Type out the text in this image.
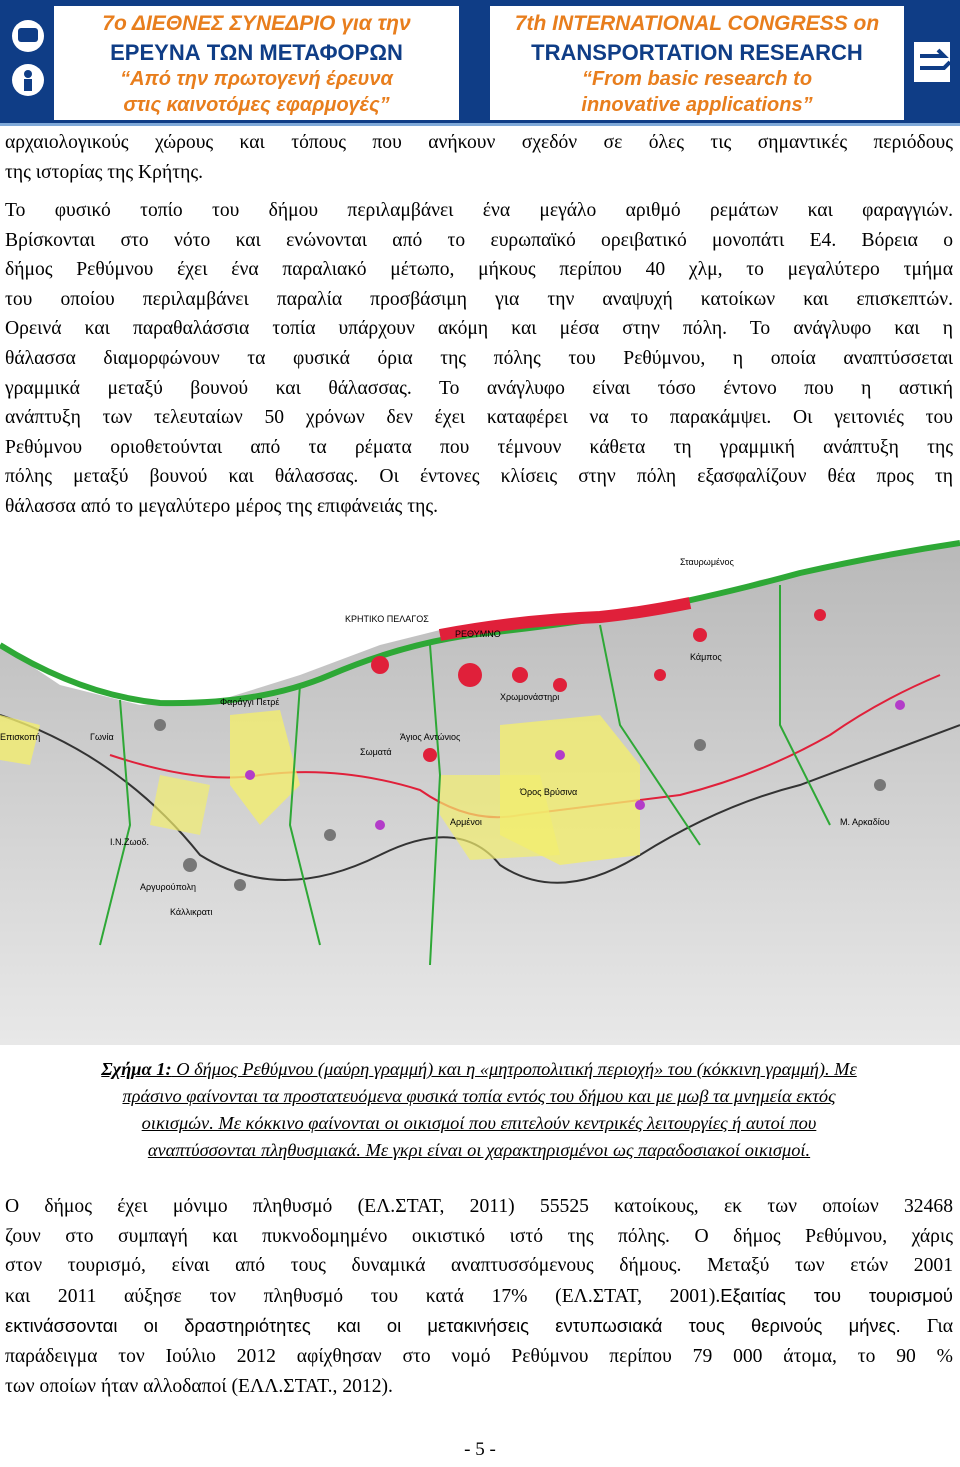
7ο ΔΙΕΘΝΕΣ ΣΥΝΕΔΡΙΟ για την
ΕΡΕΥΝΑ ΤΩΝ ΜΕΤΑΦΟΡΩΝ
“Από την πρωτογενή έρευνα
στις καινοτόμες εφαρμογές”
7th INTERNATIONAL CONGRESS on
TRANSPORTATION RESEARCH
“From basic research to
innovative applications”
αρχαιολογικούς χώρους και τόπους που ανήκουν σχεδόν σε όλες τις σημαντικές περιόδους
της ιστορίας της Κρήτης.
Το φυσικό τοπίο του δήμου περιλαμβάνει ένα μεγάλο αριθμό ρεμάτων και φαραγγιών.
Βρίσκονται στο νότο και ενώνονται από το ευρωπαϊκό ορειβατικό μονοπάτι Ε4. Βόρεια ο
δήμος Ρεθύμνου έχει ένα παραλιακό μέτωπο, μήκους περίπου 40 χλμ, το μεγαλύτερο τμήμα
του οποίου περιλαμβάνει παραλία προσβάσιμη για την αναψυχή κατοίκων και επισκεπτών.
Ορεινά και παραθαλάσσια τοπία υπάρχουν ακόμη και μέσα στην πόλη. Το ανάγλυφο και η
θάλασσα διαμορφώνουν τα φυσικά όρια της πόλης του Ρεθύμνου, η οποία αναπτύσσεται
γραμμικά μεταξύ βουνού και θάλασσας. Το ανάγλυφο είναι τόσο έντονο που η αστική
ανάπτυξη των τελευταίων 50 χρόνων δεν έχει καταφέρει να το παρακάμψει. Οι γειτονιές του
Ρεθύμνου οριοθετούνται από τα ρέματα που τέμνουν κάθετα τη γραμμική ανάπτυξη της
πόλης μεταξύ βουνού και θάλασσας. Οι έντονες κλίσεις στην πόλη εξασφαλίζουν θέα προς τη
θάλασσα από το μεγαλύτερο μέρος της επιφάνειάς της.
ΚΡΗΤΙΚΟ ΠΕΛΑΓΟΣ
ΡΕΘΥΜΝΟ
Επισκοπή	Γωνία
Φαράγγι Πετρέ	Χρωμονάστηρι
Άγιος Αντώνιος
Αρμένοι
Όρος Βρύσινα
Μ. Αρκαδίου
Σταυρωμένος
Κάμπος
Σωματά
Αργυρούπολη
Κάλλικρατι
Ι.Ν.Ζωοδ.

Σχήμα 1: Ο δήμος Ρεθύμνου (μαύρη γραμμή) και η «μητροπολιτική περιοχή» του (κόκκινη γραμμή). Με
πράσινο φαίνονται τα προστατευόμενα φυσικά τοπία εντός του δήμου και με μωβ τα μνημεία εκτός
οικισμών. Με κόκκινο φαίνονται οι οικισμοί που επιτελούν κεντρικές λειτουργίες ή αυτοί που
αναπτύσσονται πληθυσμιακά. Με γκρι είναι οι χαρακτηρισμένοι ως παραδοσιακοί οικισμοί.

Ο δήμος έχει μόνιμο πληθυσμό (ΕΛ.ΣΤΑΤ, 2011) 55525 κατοίκους, εκ των οποίων 32468
ζουν στο συμπαγή και πυκνοδομημένο οικιστικό ιστό της πόλης. Ο δήμος Ρεθύμνου, χάρις
στον τουρισμό, είναι από τους δυναμικά αναπτυσσόμενους δήμους. Μεταξύ των ετών 2001
και 2011 αύξησε τον πληθυσμό του κατά 17% (ΕΛ.ΣΤΑΤ, 2001).Εξαιτίας του τουρισμού
εκτινάσσονται οι δραστηριότητες και οι μετακινήσεις εντυπωσιακά τους θερινούς μήνες. Για
παράδειγμα τον Ιούλιο 2012 αφίχθησαν στο νομό Ρεθύμνου περίπου 79 000 άτομα, το 90 %
των οποίων ήταν αλλοδαποί (ΕΛΛ.ΣΤΑΤ., 2012).
- 5 -
